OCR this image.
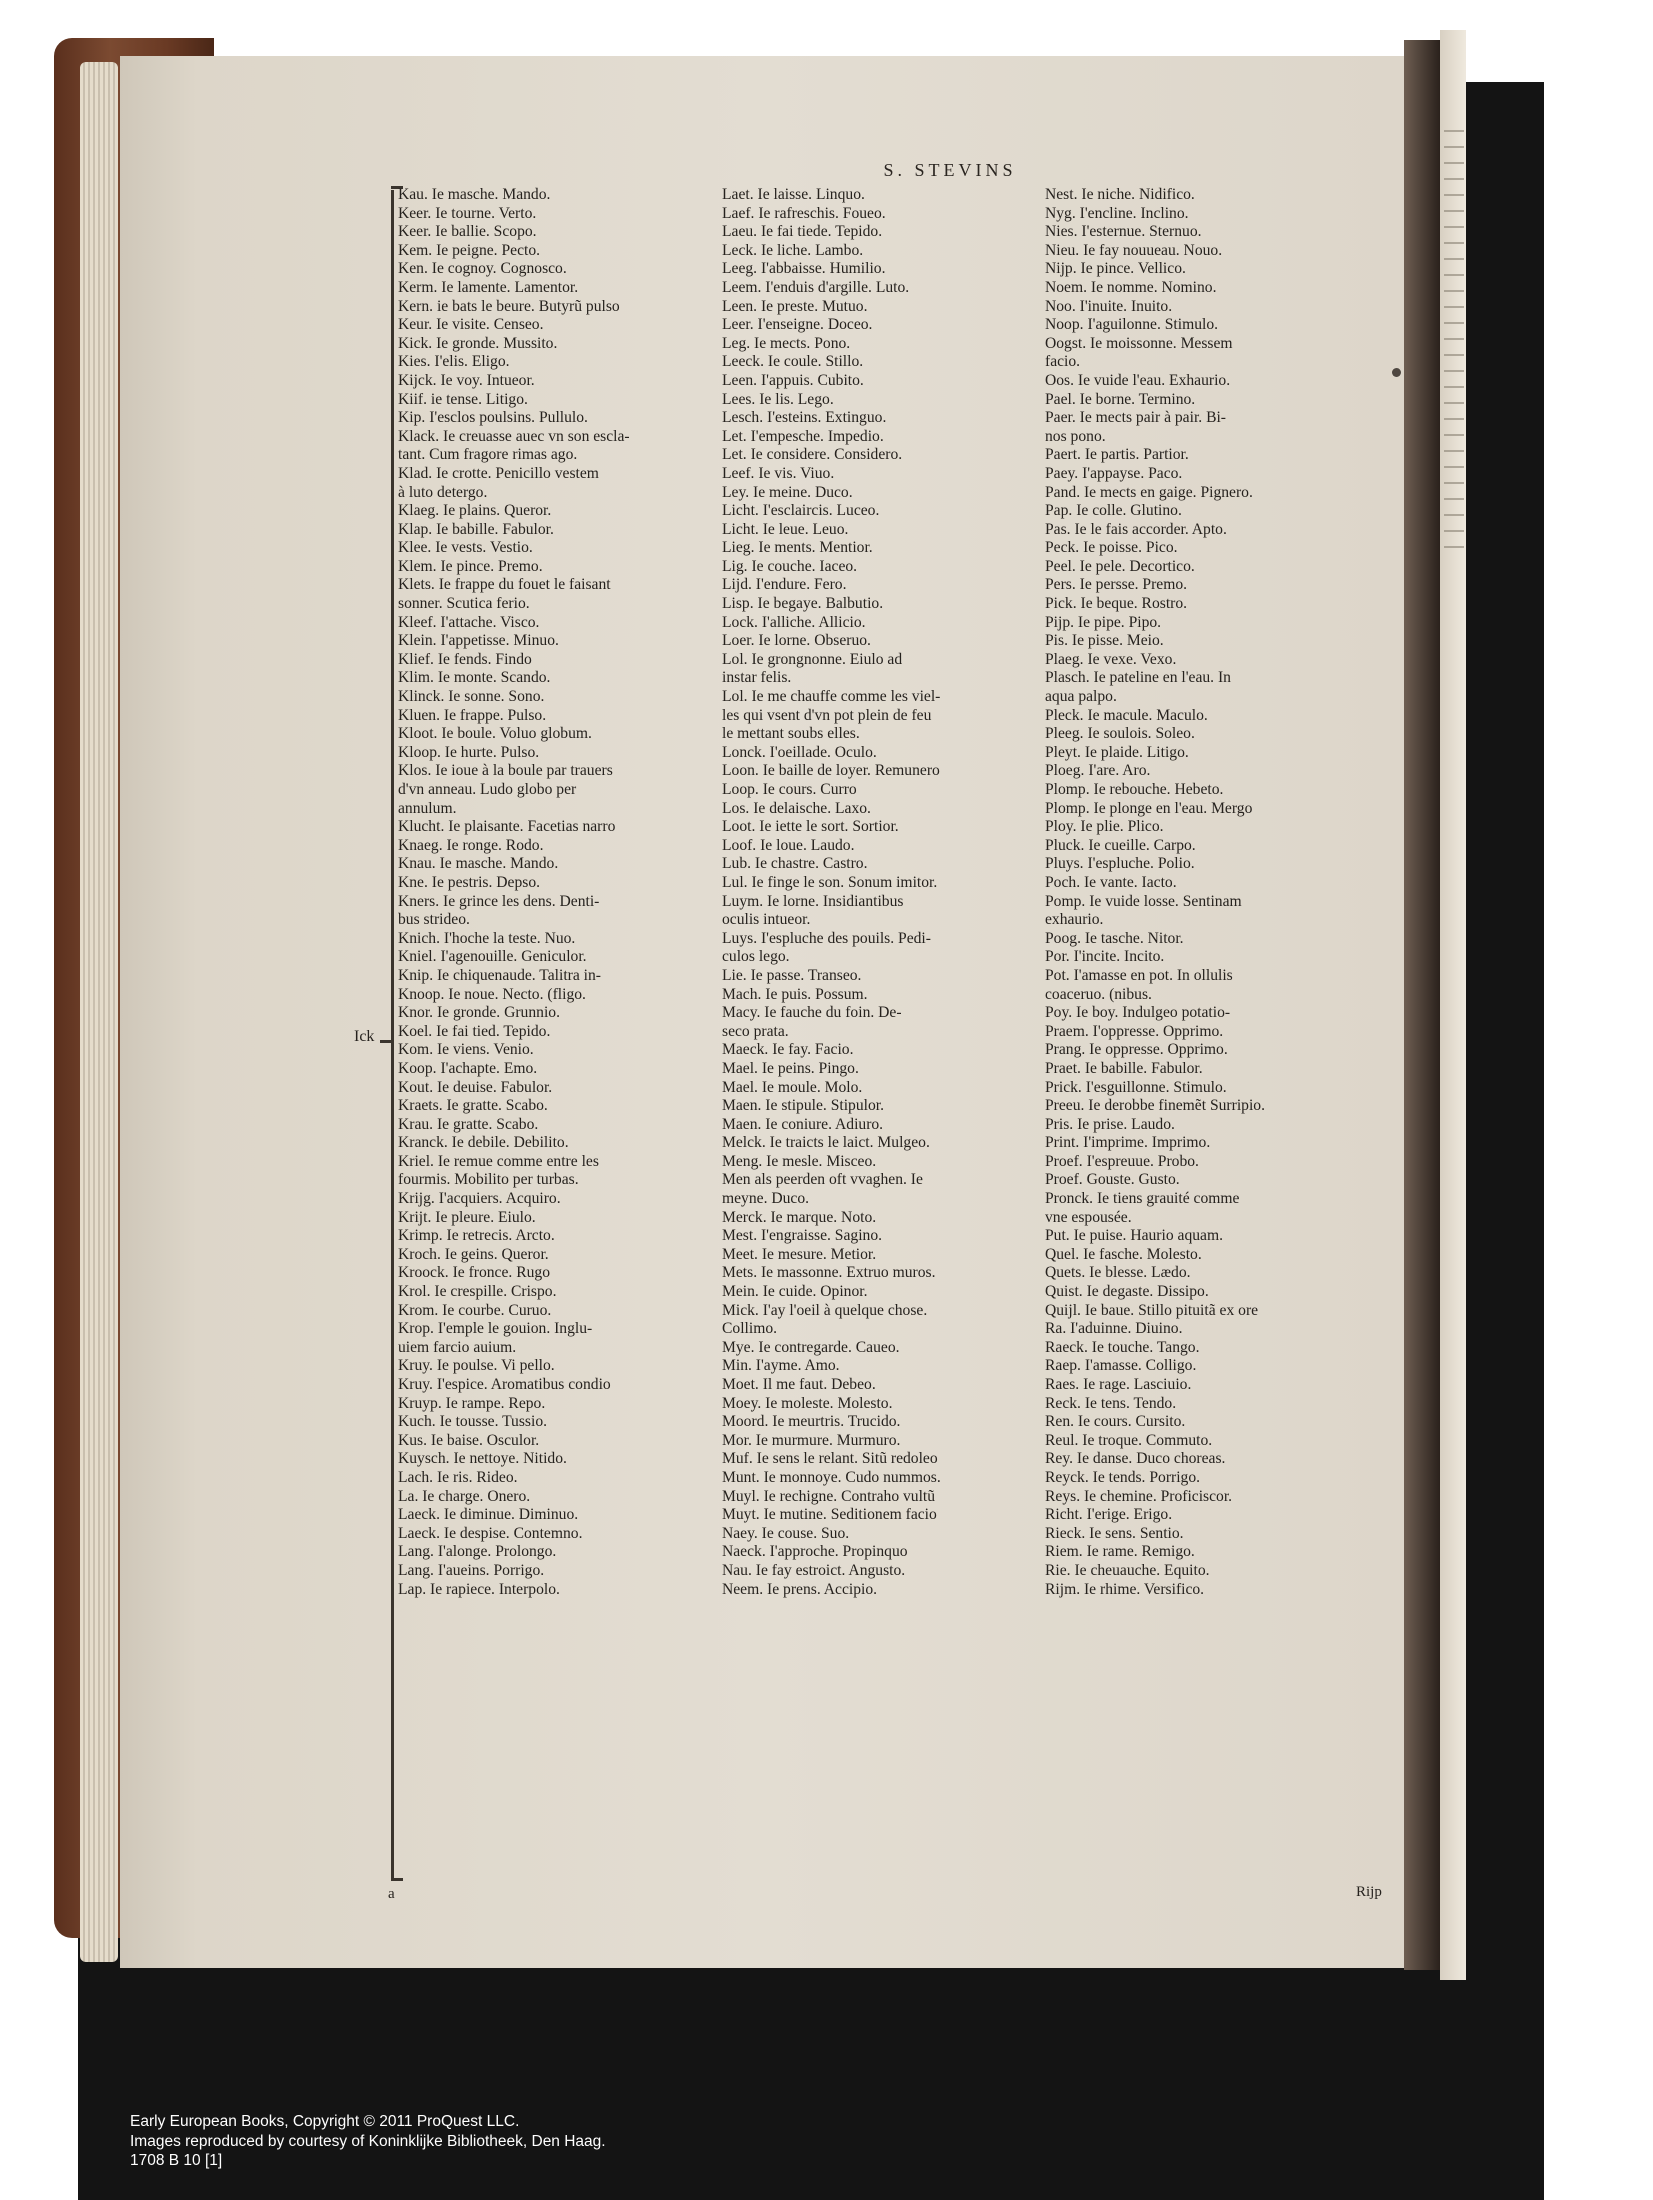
S. STEVINS
Ick
Kau. Ie masche. Mando.
Keer. Ie tourne. Verto.
Keer. Ie ballie. Scopo.
Kem. Ie peigne. Pecto.
Ken. Ie cognoy. Cognosco.
Kerm. Ie lamente. Lamentor.
Kern. ie bats le beure. Butyrũ pulso
Keur. Ie visite. Censeo.
Kick. Ie gronde. Mussito.
Kies. I'elis. Eligo.
Kijck. Ie voy. Intueor.
Kiif. ie tense. Litigo.
Kip. I'esclos poulsins. Pullulo.
Klack. Ie creuasse auec vn son escla-
tant. Cum fragore rimas ago.
Klad. Ie crotte. Penicillo vestem
à luto detergo.
Klaeg. Ie plains. Queror.
Klap. Ie babille. Fabulor.
Klee. Ie vests. Vestio.
Klem. Ie pince. Premo.
Klets. Ie frappe du fouet le faisant
sonner. Scutica ferio.
Kleef. I'attache. Visco.
Klein. I'appetisse. Minuo.
Klief. Ie fends. Findo
Klim. Ie monte. Scando.
Klinck. Ie sonne. Sono.
Kluen. Ie frappe. Pulso.
Kloot. Ie boule. Voluo globum.
Kloop. Ie hurte. Pulso.
Klos. Ie ioue à la boule par trauers
d'vn anneau. Ludo globo per
annulum.
Klucht. Ie plaisante. Facetias narro
Knaeg. Ie ronge. Rodo.
Knau. Ie masche. Mando.
Kne. Ie pestris. Depso.
Kners. Ie grince les dens. Denti-
bus strideo.
Knich. I'hoche la teste. Nuo.
Kniel. I'agenouille. Geniculor.
Knip. Ie chiquenaude. Talitra in-
Knoop. Ie noue. Necto. (fligo.
Knor. Ie gronde. Grunnio.
Koel. Ie fai tied. Tepido.
Kom. Ie viens. Venio.
Koop. I'achapte. Emo.
Kout. Ie deuise. Fabulor.
Kraets. Ie gratte. Scabo.
Krau. Ie gratte. Scabo.
Kranck. Ie debile. Debilito.
Kriel. Ie remue comme entre les
fourmis. Mobilito per turbas.
Krijg. I'acquiers. Acquiro.
Krijt. Ie pleure. Eiulo.
Krimp. Ie retrecis. Arcto.
Kroch. Ie geins. Queror.
Kroock. Ie fronce. Rugo
Krol. Ie crespille. Crispo.
Krom. Ie courbe. Curuo.
Krop. I'emple le gouion. Inglu-
uiem farcio auium.
Kruy. Ie poulse. Vi pello.
Kruy. I'espice. Aromatibus condio
Kruyp. Ie rampe. Repo.
Kuch. Ie tousse. Tussio.
Kus. Ie baise. Osculor.
Kuysch. Ie nettoye. Nitido.
Lach. Ie ris. Rideo.
La. Ie charge. Onero.
Laeck. Ie diminue. Diminuo.
Laeck. Ie despise. Contemno.
Lang. I'alonge. Prolongo.
Lang. I'aueins. Porrigo.
Lap. Ie rapiece. Interpolo.
Laet. Ie laisse. Linquo.
Laef. Ie rafreschis. Foueo.
Laeu. Ie fai tiede. Tepido.
Leck. Ie liche. Lambo.
Leeg. I'abbaisse. Humilio.
Leem. I'enduis d'argille. Luto.
Leen. Ie preste. Mutuo.
Leer. I'enseigne. Doceo.
Leg. Ie mects. Pono.
Leeck. Ie coule. Stillo.
Leen. I'appuis. Cubito.
Lees. Ie lis. Lego.
Lesch. I'esteins. Extinguo.
Let. I'empesche. Impedio.
Let. Ie considere. Considero.
Leef. Ie vis. Viuo.
Ley. Ie meine. Duco.
Licht. I'esclaircis. Luceo.
Licht. Ie leue. Leuo.
Lieg. Ie ments. Mentior.
Lig. Ie couche. Iaceo.
Lijd. I'endure. Fero.
Lisp. Ie begaye. Balbutio.
Lock. I'alliche. Allicio.
Loer. Ie lorne. Obseruo.
Lol. Ie grongnonne. Eiulo ad
instar felis.
Lol. Ie me chauffe comme les viel-
les qui vsent d'vn pot plein de feu
le mettant soubs elles.
Lonck. I'oeillade. Oculo.
Loon. Ie baille de loyer. Remunero
Loop. Ie cours. Curro
Los. Ie delaische. Laxo.
Loot. Ie iette le sort. Sortior.
Loof. Ie loue. Laudo.
Lub. Ie chastre. Castro.
Lul. Ie finge le son. Sonum imitor.
Luym. Ie lorne. Insidiantibus
oculis intueor.
Luys. I'espluche des pouils. Pedi-
culos lego.
Lie. Ie passe. Transeo.
Mach. Ie puis. Possum.
Macy. Ie fauche du foin. De-
seco prata.
Maeck. Ie fay. Facio.
Mael. Ie peins. Pingo.
Mael. Ie moule. Molo.
Maen. Ie stipule. Stipulor.
Maen. Ie coniure. Adiuro.
Melck. Ie traicts le laict. Mulgeo.
Meng. Ie mesle. Misceo.
Men als peerden oft vvaghen. Ie
meyne. Duco.
Merck. Ie marque. Noto.
Mest. I'engraisse. Sagino.
Meet. Ie mesure. Metior.
Mets. Ie massonne. Extruo muros.
Mein. Ie cuide. Opinor.
Mick. I'ay l'oeil à quelque chose.
Collimo.
Mye. Ie contregarde. Caueo.
Min. I'ayme. Amo.
Moet. Il me faut. Debeo.
Moey. Ie moleste. Molesto.
Moord. Ie meurtris. Trucido.
Mor. Ie murmure. Murmuro.
Muf. Ie sens le relant. Sitũ redoleo
Munt. Ie monnoye. Cudo nummos.
Muyl. Ie rechigne. Contraho vultũ
Muyt. Ie mutine. Seditionem facio
Naey. Ie couse. Suo.
Naeck. I'approche. Propinquo
Nau. Ie fay estroict. Angusto.
Neem. Ie prens. Accipio.
Nest. Ie niche. Nidifico.
Nyg. I'encline. Inclino.
Nies. I'esternue. Sternuo.
Nieu. Ie fay nouueau. Nouo.
Nijp. Ie pince. Vellico.
Noem. Ie nomme. Nomino.
Noo. I'inuite. Inuito.
Noop. I'aguilonne. Stimulo.
Oogst. Ie moissonne. Messem
facio.
Oos. Ie vuide l'eau. Exhaurio.
Pael. Ie borne. Termino.
Paer. Ie mects pair à pair. Bi-
nos pono.
Paert. Ie partis. Partior.
Paey. I'appayse. Paco.
Pand. Ie mects en gaige. Pignero.
Pap. Ie colle. Glutino.
Pas. Ie le fais accorder. Apto.
Peck. Ie poisse. Pico.
Peel. Ie pele. Decortico.
Pers. Ie persse. Premo.
Pick. Ie beque. Rostro.
Pijp. Ie pipe. Pipo.
Pis. Ie pisse. Meio.
Plaeg. Ie vexe. Vexo.
Plasch. Ie pateline en l'eau. In
aqua palpo.
Pleck. Ie macule. Maculo.
Pleeg. Ie soulois. Soleo.
Pleyt. Ie plaide. Litigo.
Ploeg. I'are. Aro.
Plomp. Ie rebouche. Hebeto.
Plomp. Ie plonge en l'eau. Mergo
Ploy. Ie plie. Plico.
Pluck. Ie cueille. Carpo.
Pluys. I'espluche. Polio.
Poch. Ie vante. Iacto.
Pomp. Ie vuide losse. Sentinam
exhaurio.
Poog. Ie tasche. Nitor.
Por. I'incite. Incito.
Pot. I'amasse en pot. In ollulis
coaceruo. (nibus.
Poy. Ie boy. Indulgeo potatio-
Praem. I'oppresse. Opprimo.
Prang. Ie oppresse. Opprimo.
Praet. Ie babille. Fabulor.
Prick. I'esguillonne. Stimulo.
Preeu. Ie derobbe finemẽt Surripio.
Pris. Ie prise. Laudo.
Print. I'imprime. Imprimo.
Proef. I'espreuue. Probo.
Proef. Gouste. Gusto.
Pronck. Ie tiens grauité comme
vne espousée.
Put. Ie puise. Haurio aquam.
Quel. Ie fasche. Molesto.
Quets. Ie blesse. Lædo.
Quist. Ie degaste. Dissipo.
Quijl. Ie baue. Stillo pituitã ex ore
Ra. I'aduinne. Diuino.
Raeck. Ie touche. Tango.
Raep. I'amasse. Colligo.
Raes. Ie rage. Lasciuio.
Reck. Ie tens. Tendo.
Ren. Ie cours. Cursito.
Reul. Ie troque. Commuto.
Rey. Ie danse. Duco choreas.
Reyck. Ie tends. Porrigo.
Reys. Ie chemine. Proficiscor.
Richt. I'erige. Erigo.
Rieck. Ie sens. Sentio.
Riem. Ie rame. Remigo.
Rie. Ie cheuauche. Equito.
Rijm. Ie rhime. Versifico.
a	Rijp
Early European Books, Copyright © 2011 ProQuest LLC.
Images reproduced by courtesy of Koninklijke Bibliotheek, Den Haag.
1708 B 10 [1]
